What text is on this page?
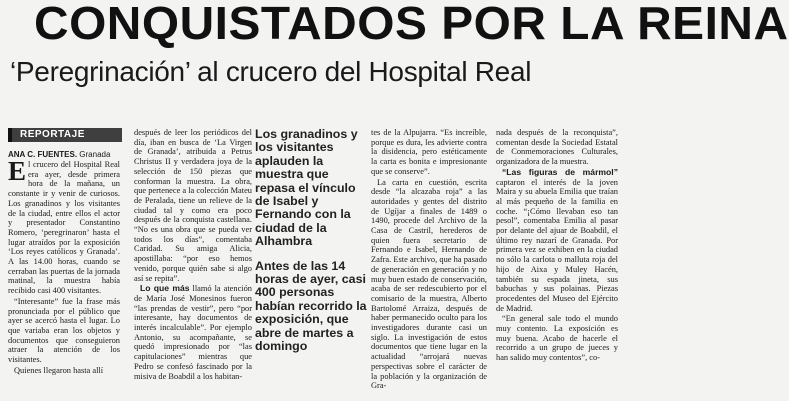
CONQUISTADOS POR LA REINA
‘Peregrinación’ al crucero del Hospital Real
REPORTAJE
ANA C. FUENTES. Granada

El crucero del Hospital Real era ayer, desde primera hora de la mañana, un constante ir y venir de curiosos. Los granadinos y los visitantes de la ciudad, entre ellos el actor y presentador Constantino Romero, ‘peregrinaron’ hasta el lugar atraídos por la exposición ‘Los reyes católicos y Granada’. A las 14.00 horas, cuando se cerraban las puertas de la jornada matinal, la muestra había recibido casi 400 visitantes.

“Interesante” fue la frase más pronunciada por el público que ayer se acercó hasta el lugar. Lo que variaba eran los objetos y documentos que conseguieron atraer la atención de los visitantes.

Quienes llegaron hasta allí

después de leer los periódicos del día, iban en busca de ‘La Virgen de Granada’, atribuida a Petrus Christus II y verdadera joya de la selección de 150 piezas que conforman la muestra. La obra, que pertenece a la colección Mateu de Peralada, tiene un relieve de la ciudad tal y como era poco después de la conquista castellana. “No es una obra que se pueda ver todos los días”, comentaba Caridad. Su amiga Alicia, apostillaba: “por eso hemos venido, porque quién sabe si algo así se repita”.

Lo que más llamó la atención de María José Monesinos fueron “las prendas de vestir”, pero “por interesante, hay documentos de interés incalculable”. Por ejemplo Antonio, su acompañante, se quedó impresionado por “las capitulaciones” mientras que Pedro se confesó fascinado por la misiva de Boabdil a los habitan-

Los granadinos y los visitantes aplauden la muestra que repasa el vínculo de Isabel y Fernando con la ciudad de la Alhambra

Antes de las 14 horas de ayer, casi 400 personas habían recorrido la exposición, que abre de martes a domingo

tes de la Alpujarra. “Es increíble, porque es dura, les advierte contra la disidencia, pero estéticamente la carta es bonita e impresionante que se conserve”.

La carta en cuestión, escrita desde “la alcazaba roja” a las autoridades y gentes del distrito de Ugíjar a finales de 1489 o 1490, procede del Archivo de la Casa de Castril, herederos de quien fuera secretario de Fernando e Isabel, Hernando de Zafra. Este archivo, que ha pasado de generación en generación y no muy buen estado de conservación, acaba de ser redescubierto por el comisario de la muestra, Alberto Bartolomé Arraiza, después de haber permanecido oculto para los investigadores durante casi un siglo. La investigación de estos documentos que tiene lugar en la actualidad “arrojará nuevas perspectivas sobre el carácter de la población y la organización de Gra-

nada después de la reconquista”, comentan desde la Sociedad Estatal de Conmemoraciones Culturales, organizadora de la muestra.

“Las figuras de mármol” captaron el interés de la joven Maira y su abuela Emilia que traían al más pequeño de la familia en coche. “¡Cómo llevaban eso tan pesol”, comentaba Emilia al pasar por delante del ajuar de Boabdil, el último rey nazarí de Granada. Por primera vez se exhiben en la ciudad no sólo la carlota o malluta roja del hijo de Aixa y Muley Hacén, también su espada jineta, sus babuchas y sus polainas. Piezas procedentes del Museo del Ejército de Madrid.

“En general sale todo el mundo muy contento. La exposición es muy buena. Acabo de hacerle el recorrido a un grupo de jueces y han salido muy contentos”, co-
